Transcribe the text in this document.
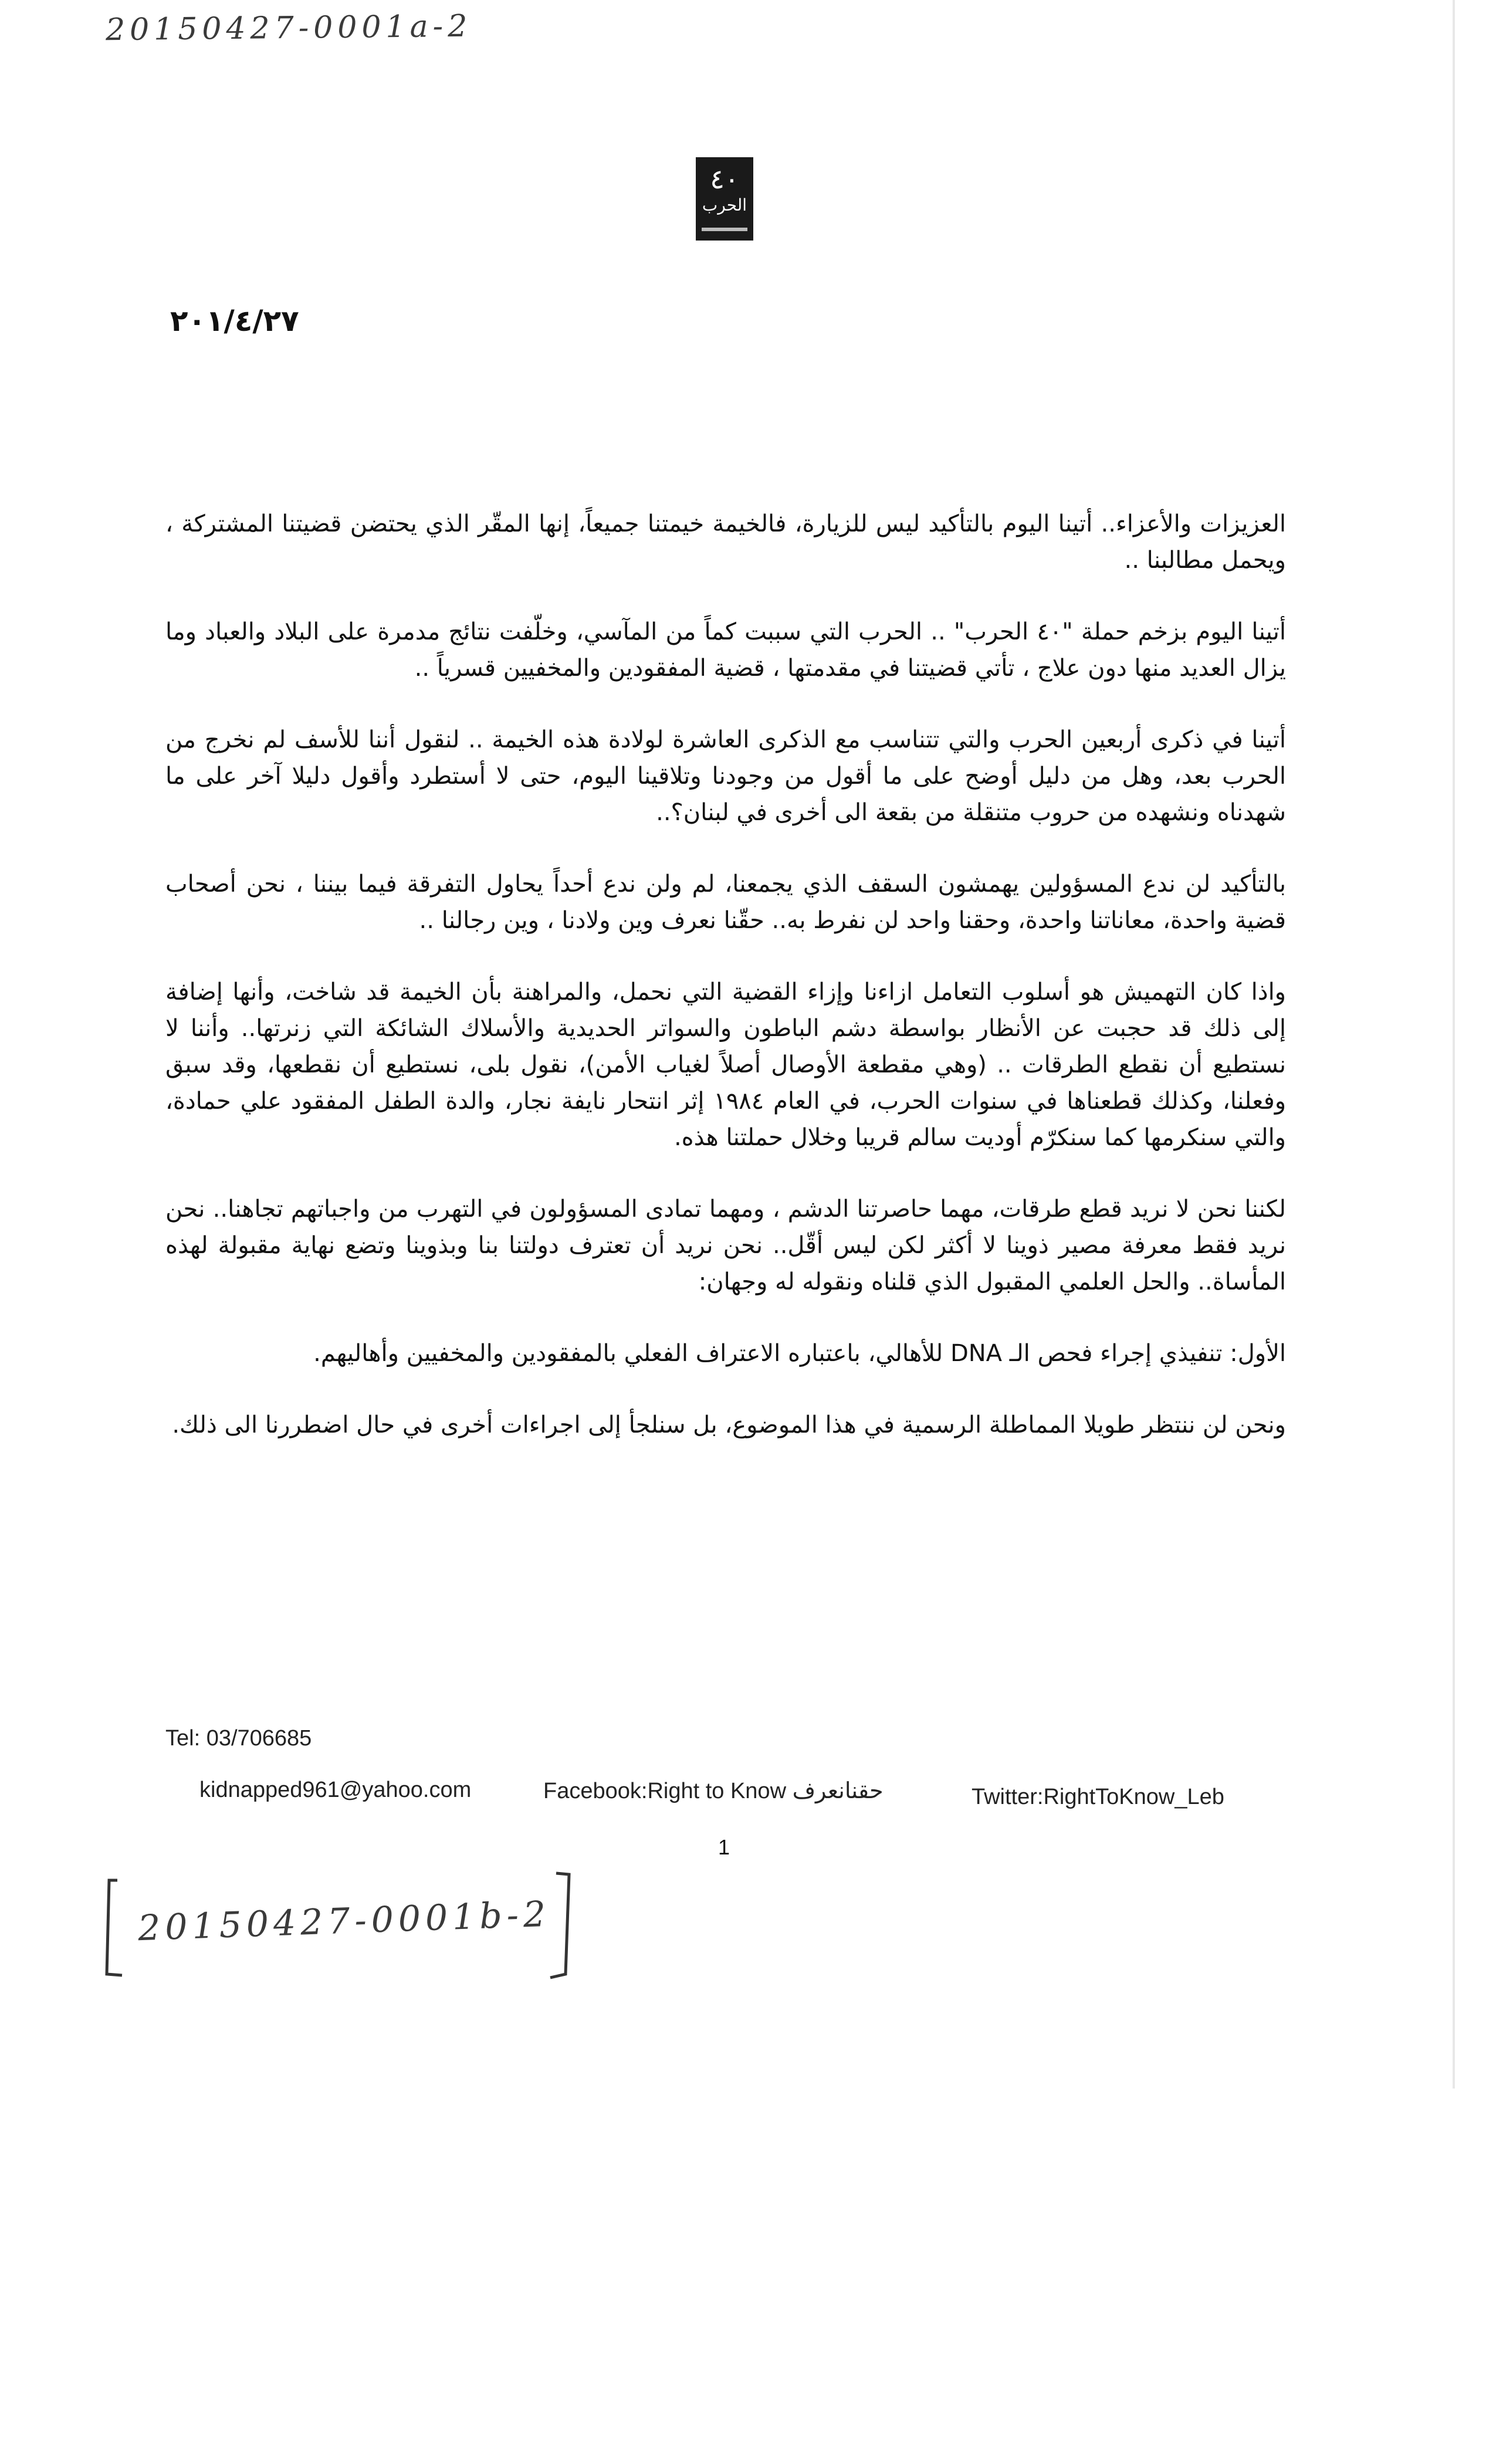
20150427-0001a-2
٤٠
الحرب
٢٠١/٤/٢٧

العزيزات والأعزاء.. أتينا اليوم بالتأكيد ليس للزيارة، فالخيمة خيمتنا جميعاً، إنها المقّر الذي يحتضن قضيتنا المشتركة ، ويحمل مطالبنا ..

أتينا اليوم بزخم حملة "٤٠ الحرب" .. الحرب التي سببت كماً من المآسي، وخلّفت نتائج مدمرة على البلاد والعباد وما يزال العديد منها دون علاج ، تأتي قضيتنا في مقدمتها ، قضية المفقودين والمخفيين قسرياً ..

أتينا في ذكرى أربعين الحرب والتي تتناسب مع الذكرى العاشرة لولادة هذه الخيمة .. لنقول أننا للأسف لم نخرج من الحرب بعد، وهل من دليل أوضح على ما أقول من وجودنا وتلاقينا اليوم، حتى لا أستطرد وأقول دليلا آخر على ما شهدناه ونشهده من حروب متنقلة من بقعة الى أخرى في لبنان؟..

بالتأكيد لن ندع المسؤولين يهمشون السقف الذي يجمعنا، لم ولن ندع أحداً يحاول التفرقة فيما بيننا ، نحن أصحاب قضية واحدة، معاناتنا واحدة، وحقنا واحد لن نفرط به.. حقّنا نعرف وين ولادنا ، وين رجالنا ..

واذا كان التهميش هو أسلوب التعامل ازاءنا وإزاء القضية التي نحمل، والمراهنة بأن الخيمة قد شاخت، وأنها إضافة إلى ذلك قد حجبت عن الأنظار بواسطة دشم الباطون والسواتر الحديدية والأسلاك الشائكة التي زنرتها.. وأننا لا نستطيع أن نقطع الطرقات .. (وهي مقطعة الأوصال أصلاً لغياب الأمن)، نقول بلى، نستطيع أن نقطعها، وقد سبق وفعلنا، وكذلك قطعناها في سنوات الحرب، في العام ١٩٨٤ إثر انتحار نايفة نجار، والدة الطفل المفقود علي حمادة، والتي سنكرمها كما سنكرّم أوديت سالم قريبا وخلال حملتنا هذه.

لكننا نحن لا نريد قطع طرقات، مهما حاصرتنا الدشم ، ومهما تمادى المسؤولون في التهرب من واجباتهم تجاهنا.. نحن نريد فقط معرفة مصير ذوينا لا أكثر لكن ليس أقّل.. نحن نريد أن تعترف دولتنا بنا وبذوينا وتضع نهاية مقبولة لهذه المأساة.. والحل العلمي المقبول الذي قلناه ونقوله له وجهان:

الأول: تنفيذي إجراء فحص الـ DNA للأهالي، باعتباره الاعتراف الفعلي بالمفقودين والمخفيين وأهاليهم.

ونحن لن ننتظر طويلا المماطلة الرسمية في هذا الموضوع، بل سنلجأ إلى اجراءات أخرى في حال اضطررنا الى ذلك.

Tel: 03/706685
kidnapped961@yahoo.com	Facebook:Right to Know حقنانعرف	Twitter:RightToKnow_Leb
1
20150427-0001b-2
